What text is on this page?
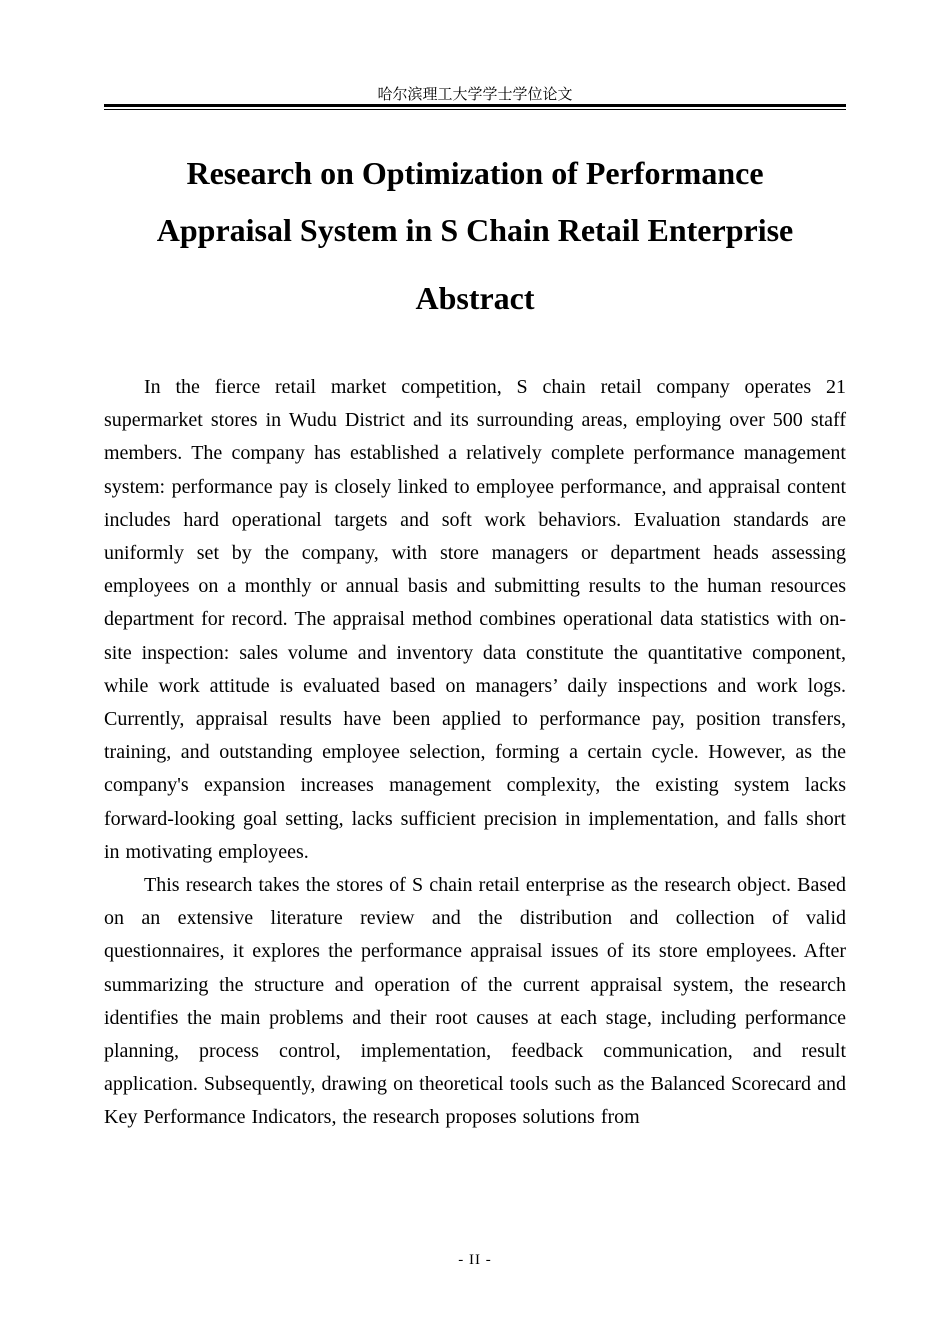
哈尔滨理工大学学士学位论文
Research on Optimization of Performance
Appraisal System in S Chain Retail Enterprise
Abstract

In the fierce retail market competition, S chain retail company operates 21 supermarket stores in Wudu District and its surrounding areas, employing over 500 staff members. The company has established a relatively complete performance management system: performance pay is closely linked to employee performance, and appraisal content includes hard operational targets and soft work behaviors. Evaluation standards are uniformly set by the company, with store managers or department heads assessing employees on a monthly or annual basis and submitting results to the human resources department for record. The appraisal method combines operational data statistics with on-site inspection: sales volume and inventory data constitute the quantitative component, while work attitude is evaluated based on managers’ daily inspections and work logs. Currently, appraisal results have been applied to performance pay, position transfers, training, and outstanding employee selection, forming a certain cycle. However, as the company's expansion increases management complexity, the existing system lacks forward-looking goal setting, lacks sufficient precision in implementation, and falls short in motivating employees.

This research takes the stores of S chain retail enterprise as the research object. Based on an extensive literature review and the distribution and collection of valid questionnaires, it explores the performance appraisal issues of its store employees. After summarizing the structure and operation of the current appraisal system, the research identifies the main problems and their root causes at each stage, including performance planning, process control, implementation, feedback communication, and result application. Subsequently, drawing on theoretical tools such as the Balanced Scorecard and Key Performance Indicators, the research proposes solutions from

- II -
